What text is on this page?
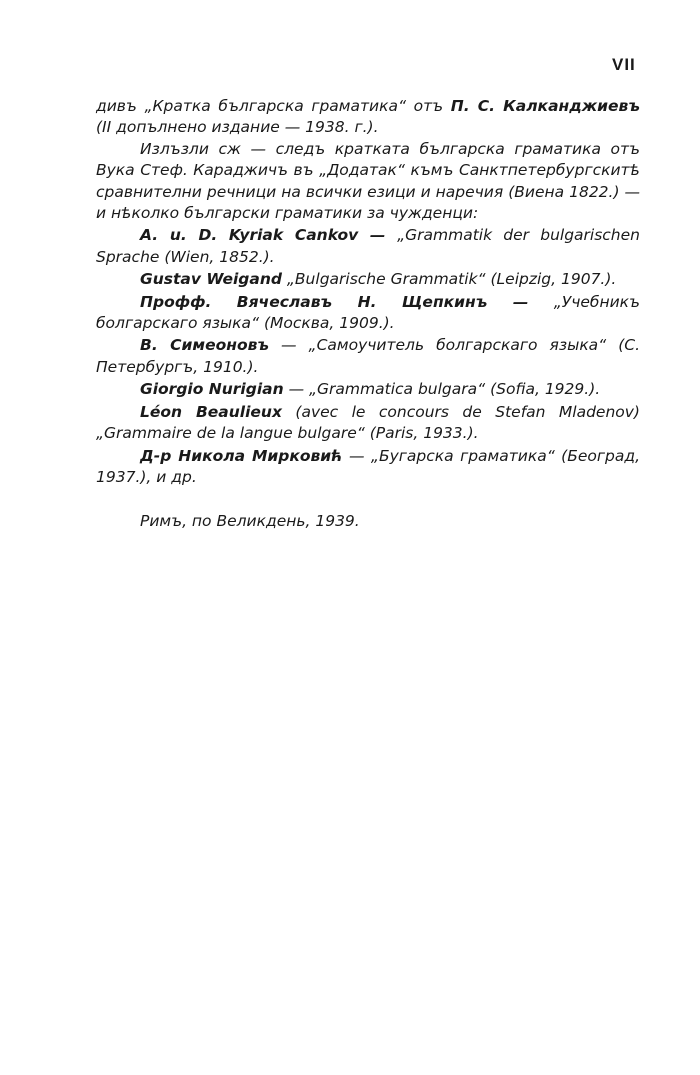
VII

дивъ „Кратка българска граматика“ отъ П. С. Калканджиевъ (II допълнено издание — 1938. г.).

Излъзли сж — следъ кратката българска граматика отъ Вука Стеф. Караджичъ въ „Додатак“ къмъ Санктпетербургскитѣ сравнителни речници на всички езици и наречия (Виена 1822.) — и нѣколко български граматики за чужденци:

A. u. D. Kyriak Cankov — „Grammatik der bulgarischen Sprache (Wien, 1852.).

Gustav Weigand „Bulgarische Grammatik“ (Leipzig, 1907.).

Профф. Вячеславъ Н. Щепкинъ — „Учебникъ болгарскаго языка“ (Москва, 1909.).

В. Симеоновъ — „Самоучитель болгарскаго языка“ (С. Петербургъ, 1910.).

Giorgio Nurigian — „Grammatica bulgara“ (Sofia, 1929.).

Léon Beaulieux (avec le concours de Stefan Mladenov) „Grammaire de la langue bulgare“ (Paris, 1933.).

Д-р Никола Мирковић — „Бугарска граматика“ (Београд, 1937.), и др.

Римъ, по Великдень, 1939.
